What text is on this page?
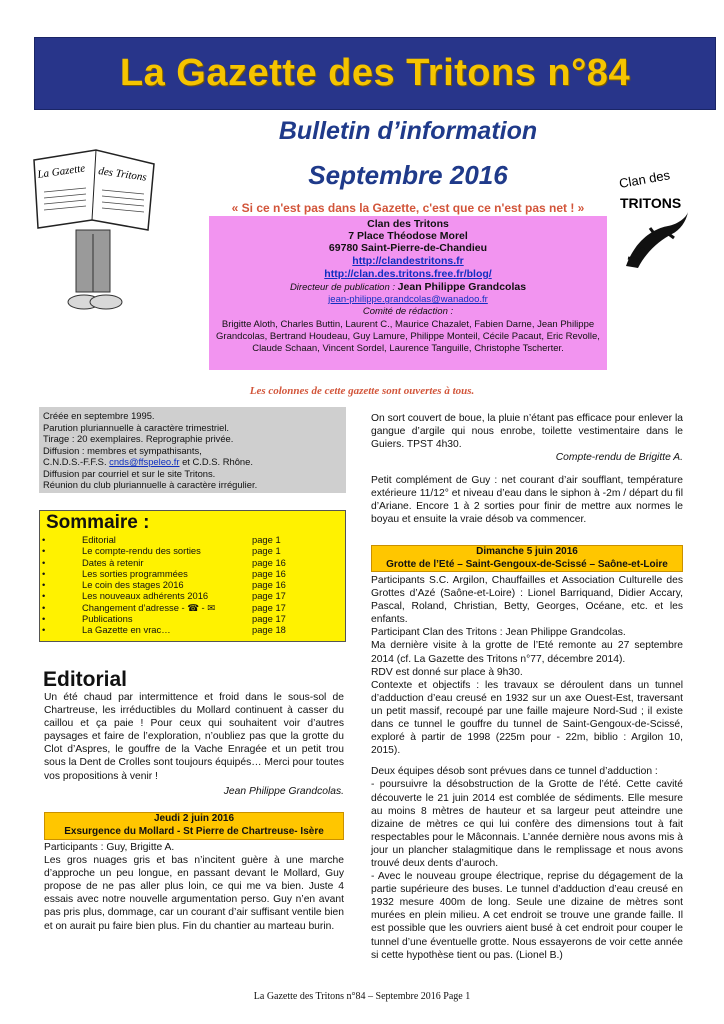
La Gazette des Tritons n°84
La Gazette des Tritons	Clan des
TRITONS
Bulletin d’information
Septembre 2016
« Si ce n'est pas dans la Gazette, c'est que ce n'est pas net ! »
Clan des Tritons
7 Place Théodose Morel
69780 Saint-Pierre-de-Chandieu
http://clandestritons.fr
http://clan.des.tritons.free.fr/blog/
Directeur de publication : Jean Philippe Grandcolas
jean-philippe.grandcolas@wanadoo.fr
Comité de rédaction :
Brigitte Aloth, Charles Buttin, Laurent C., Maurice Chazalet, Fabien Darne, Jean Philippe Grandcolas, Bertrand Houdeau, Guy Lamure, Philippe Monteil, Cécile Pacaut, Eric Revolle, Claude Schaan, Vincent Sordel, Laurence Tanguille, Christophe Tscherter.
Les colonnes de cette gazette sont ouvertes à tous.
Créée en septembre 1995.
Parution pluriannuelle à caractère trimestriel.
Tirage : 20 exemplaires. Reprographie privée.
Diffusion : membres et sympathisants,
C.N.D.S.-F.F.S. cnds@ffspeleo.fr et C.D.S. Rhône.
Diffusion par courriel et sur le site Tritons.
Réunion du club pluriannuelle à caractère irrégulier.
Sommaire :
•	Editorial	page 1
•	Le compte-rendu des sorties	page 1
•	Dates à retenir	page 16
•	Les sorties programmées	page 16
•	Le coin des stages 2016	page 16
•	Les nouveaux adhérents 2016	page 17
•	Changement d’adresse - ☎ - ✉	page 17
•	Publications	page 17
•	La Gazette en vrac…	page 18
Editorial
Un été chaud par intermittence et froid dans le sous-sol de Chartreuse, les irréductibles du Mollard continuent à casser du caillou et ça paie ! Pour ceux qui souhaitent voir d’autres paysages et faire de l’exploration, n’oubliez pas que la grotte du Clot d’Aspres, le gouffre de la Vache Enragée et un petit trou sous la Dent de Crolles sont toujours équipés… Merci pour toutes vos propositions à venir !
Jean Philippe Grandcolas.
Jeudi 2 juin 2016
Exsurgence du Mollard - St Pierre de Chartreuse- Isère
Participants : Guy, Brigitte A.
Les gros nuages gris et bas n’incitent guère à une marche d’approche un peu longue, en passant devant le Mollard, Guy propose de ne pas aller plus loin, ce qui me va bien. Juste 4 essais avec notre nouvelle argumentation perso. Guy n’en avant pas pris plus, dommage, car un courant d’air suffisant ventile bien et on aurait pu faire bien plus. Fin du chantier au marteau burin.
On sort couvert de boue, la pluie n’étant pas efficace pour enlever la gangue d’argile qui nous enrobe, toilette vestimentaire dans le Guiers. TPST 4h30.
Compte-rendu de Brigitte A.
Petit complément de Guy : net courant d’air soufflant, température extérieure 11/12° et niveau d’eau dans le siphon à -2m / départ du fil d’Ariane. Encore 1 à 2 sorties pour finir de mettre aux normes le boyau et ensuite la vraie désob va commencer.
Dimanche 5 juin 2016
Grotte de l’Eté – Saint-Gengoux-de-Scissé – Saône-et-Loire
Participants S.C. Argilon, Chauffailles et Association Culturelle des Grottes d’Azé (Saône-et-Loire) : Lionel Barriquand, Didier Accary, Pascal, Roland, Christian, Betty, Georges, Océane, etc. et les enfants.
Participant Clan des Tritons : Jean Philippe Grandcolas.
Ma dernière visite à la grotte de l’Eté remonte au 27 septembre 2014 (cf. La Gazette des Tritons n°77, décembre 2014).
RDV est donné sur place à 9h30.
Contexte et objectifs : les travaux se déroulent dans un tunnel d’adduction d’eau creusé en 1932 sur un axe Ouest-Est, traversant un petit massif, recoupé par une faille majeure Nord-Sud ; il existe dans ce tunnel le gouffre du tunnel de Saint-Gengoux-de-Scissé, exploré à partir de 1998 (225m pour - 22m, biblio : Argilon 10, 2015).
Deux équipes désob sont prévues dans ce tunnel d’adduction :
- poursuivre la désobstruction de la Grotte de l’été. Cette cavité découverte le 21 juin 2014 est comblée de sédiments. Elle mesure au moins 8 mètres de hauteur et sa largeur peut atteindre une dizaine de mètres ce qui lui confère des dimensions tout à fait respectables pour le Mâconnais. L’année dernière nous avons mis à jour un plancher stalagmitique dans le remplissage et nous avons trouvé deux dents d’auroch.
- Avec le nouveau groupe électrique, reprise du dégagement de la partie supérieure des buses. Le tunnel d’adduction d’eau creusé en 1932 mesure 400m de long. Seule une dizaine de mètres sont murées en plein milieu. A cet endroit se trouve une grande faille. Il est possible que les ouvriers aient busé à cet endroit pour couper le tunnel d’une éventuelle grotte. Nous essayerons de voir cette année si cette hypothèse tient ou pas. (Lionel B.)
La Gazette des Tritons n°84 – Septembre 2016 Page 1
